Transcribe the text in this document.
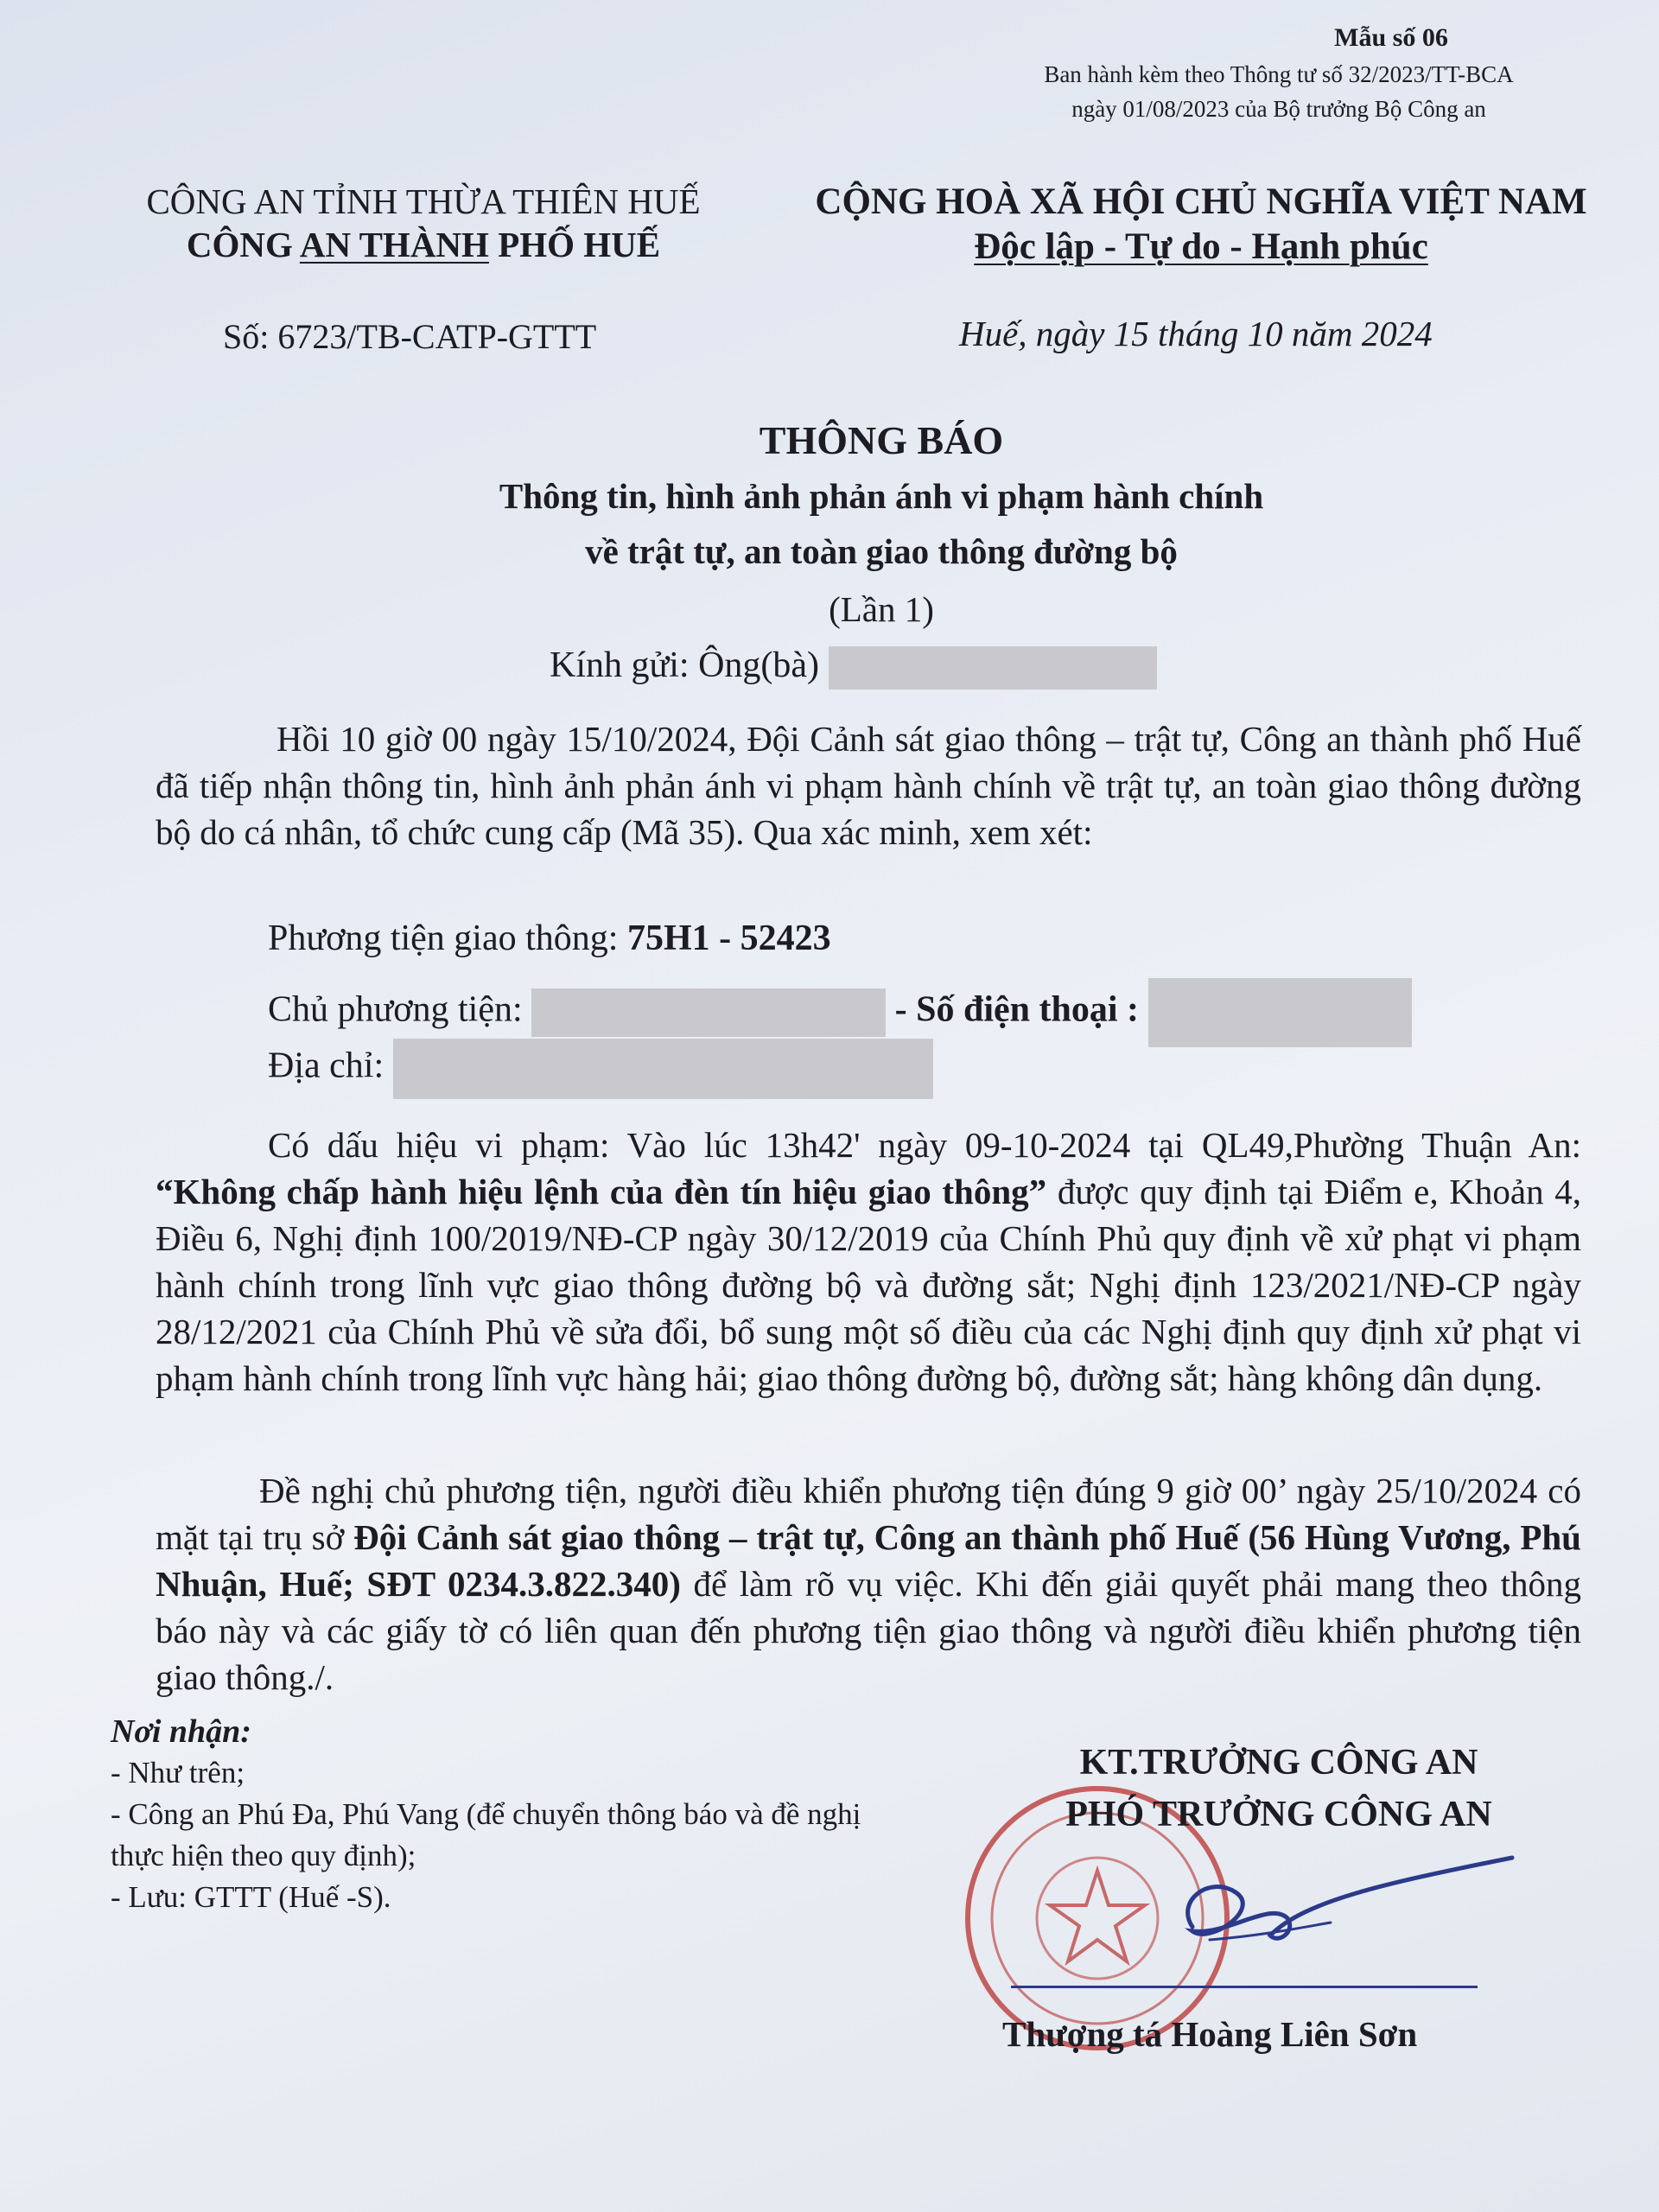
Mẫu số 06
Ban hành kèm theo Thông tư số 32/2023/TT-BCA
ngày 01/08/2023 của Bộ trưởng Bộ Công an
CÔNG AN TỈNH THỪA THIÊN HUẾ
CÔNG AN THÀNH PHỐ HUẾ
CỘNG HOÀ XÃ HỘI CHỦ NGHĨA VIỆT NAM
Độc lập - Tự do - Hạnh phúc
Số: 6723/TB-CATP-GTTT	Huế, ngày 15 tháng 10 năm 2024
THÔNG BÁO
Thông tin, hình ảnh phản ánh vi phạm hành chính
về trật tự, an toàn giao thông đường bộ
(Lần 1)
Kính gửi: Ông(bà)
Hồi 10 giờ 00 ngày 15/10/2024, Đội Cảnh sát giao thông – trật tự, Công an thành phố Huế đã tiếp nhận thông tin, hình ảnh phản ánh vi phạm hành chính về trật tự, an toàn giao thông đường bộ do cá nhân, tổ chức cung cấp (Mã 35). Qua xác minh, xem xét:
Phương tiện giao thông: 75H1 - 52423
Chủ phương tiện:	- Số điện thoại :
Địa chỉ:
Có dấu hiệu vi phạm: Vào lúc 13h42' ngày 09-10-2024 tại QL49,Phường Thuận An: “Không chấp hành hiệu lệnh của đèn tín hiệu giao thông” được quy định tại Điểm e, Khoản 4, Điều 6, Nghị định 100/2019/NĐ-CP ngày 30/12/2019 của Chính Phủ quy định về xử phạt vi phạm hành chính trong lĩnh vực giao thông đường bộ và đường sắt; Nghị định 123/2021/NĐ-CP ngày 28/12/2021 của Chính Phủ về sửa đổi, bổ sung một số điều của các Nghị định quy định xử phạt vi phạm hành chính trong lĩnh vực hàng hải; giao thông đường bộ, đường sắt; hàng không dân dụng.
Đề nghị chủ phương tiện, người điều khiển phương tiện đúng 9 giờ 00’ ngày 25/10/2024 có mặt tại trụ sở Đội Cảnh sát giao thông – trật tự, Công an thành phố Huế (56 Hùng Vương, Phú Nhuận, Huế; SĐT 0234.3.822.340) để làm rõ vụ việc. Khi đến giải quyết phải mang theo thông báo này và các giấy tờ có liên quan đến phương tiện giao thông và người điều khiển phương tiện giao thông./.
Nơi nhận:
- Như trên;
- Công an Phú Đa, Phú Vang (để chuyển thông báo và đề nghị thực hiện theo quy định);
- Lưu: GTTT (Huế -S).
KT.TRƯỞNG CÔNG AN
PHÓ TRƯỞNG CÔNG AN
Thượng tá Hoàng Liên Sơn
